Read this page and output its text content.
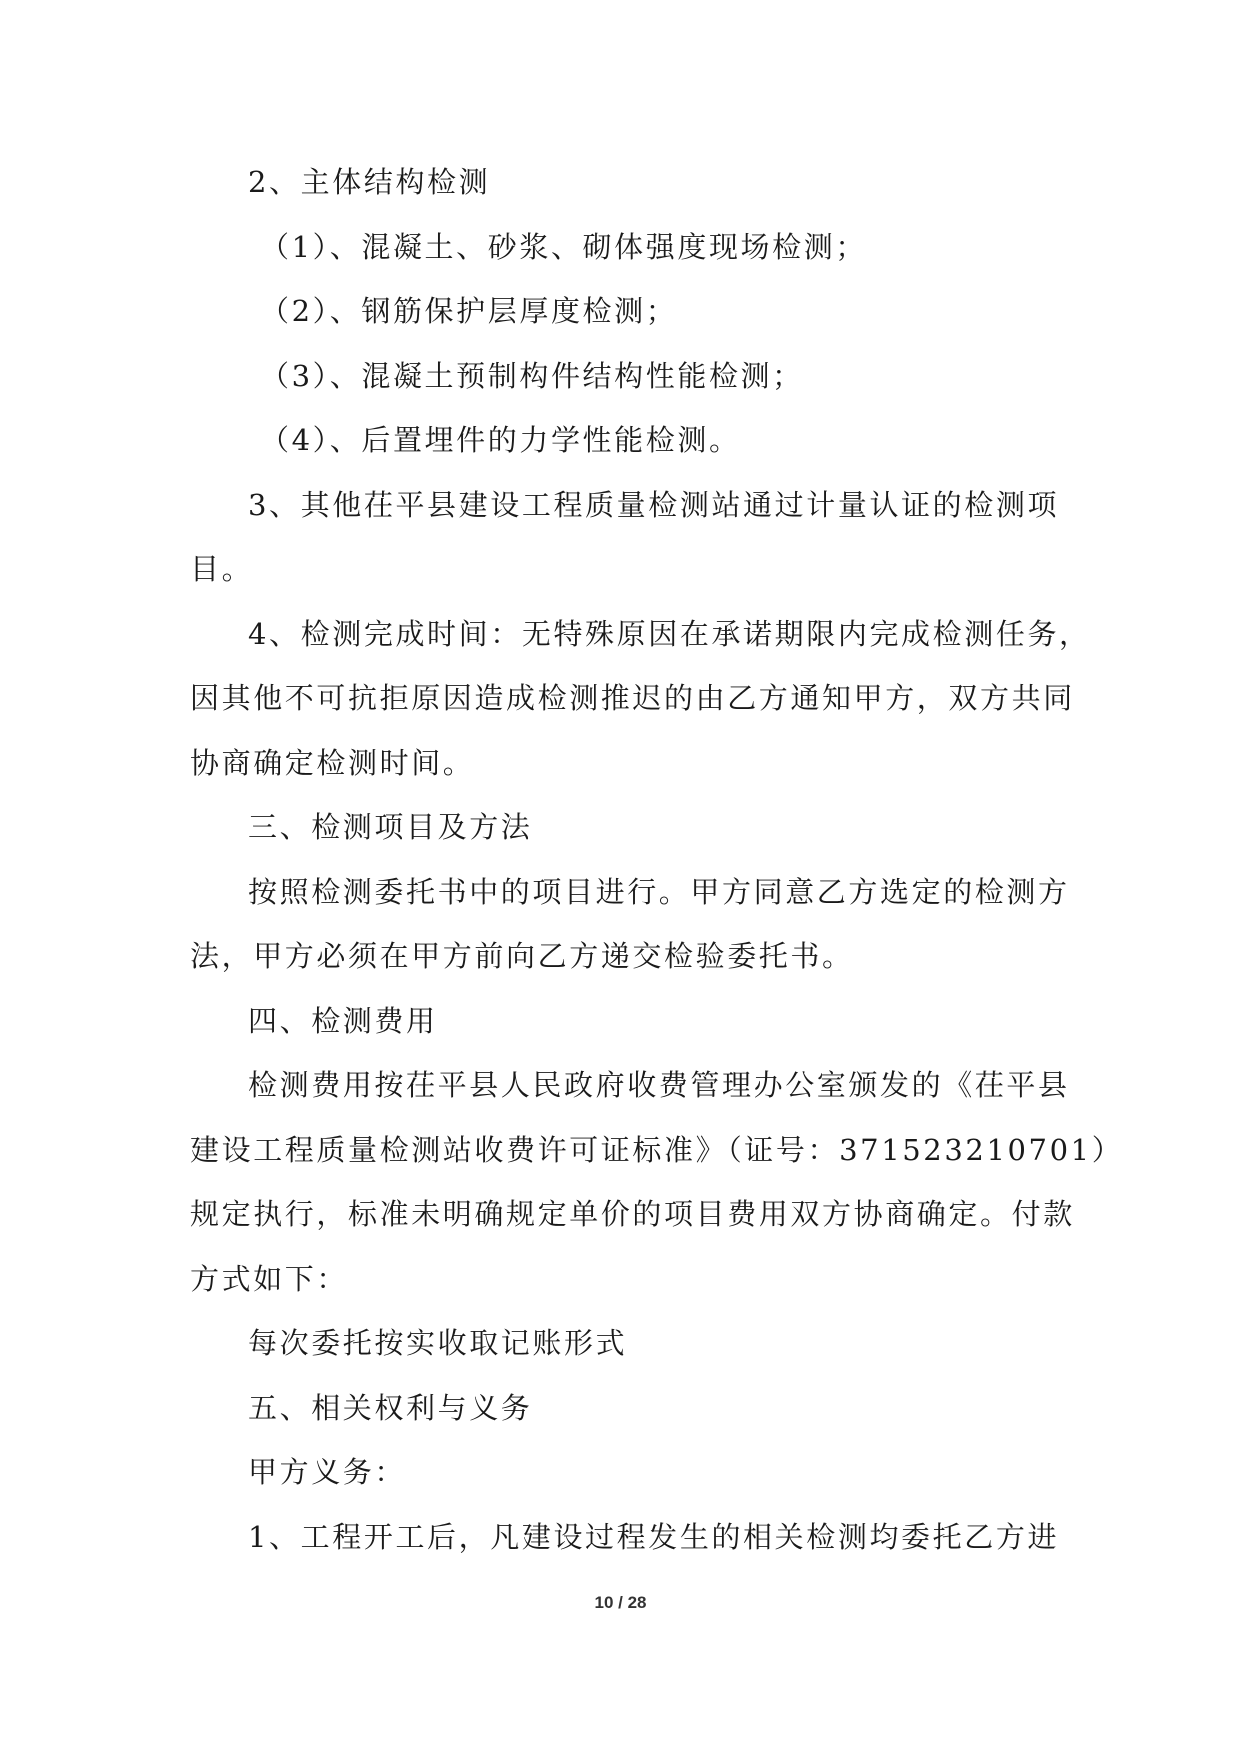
2、主体结构检测
（1）、混凝土、砂浆、砌体强度现场检测；
（2）、钢筋保护层厚度检测；
（3）、混凝土预制构件结构性能检测；
（4）、后置埋件的力学性能检测。
3、其他茌平县建设工程质量检测站通过计量认证的检测项
目。
4、检测完成时间：无特殊原因在承诺期限内完成检测任务，
因其他不可抗拒原因造成检测推迟的由乙方通知甲方，双方共同
协商确定检测时间。
三、检测项目及方法
按照检测委托书中的项目进行。甲方同意乙方选定的检测方
法，甲方必须在甲方前向乙方递交检验委托书。
四、检测费用
检测费用按茌平县人民政府收费管理办公室颁发的《茌平县
建设工程质量检测站收费许可证标准》（证号：371523210701）
规定执行，标准未明确规定单价的项目费用双方协商确定。付款
方式如下：
每次委托按实收取记账形式
五、相关权利与义务
甲方义务：
1、工程开工后，凡建设过程发生的相关检测均委托乙方进
10 / 28
